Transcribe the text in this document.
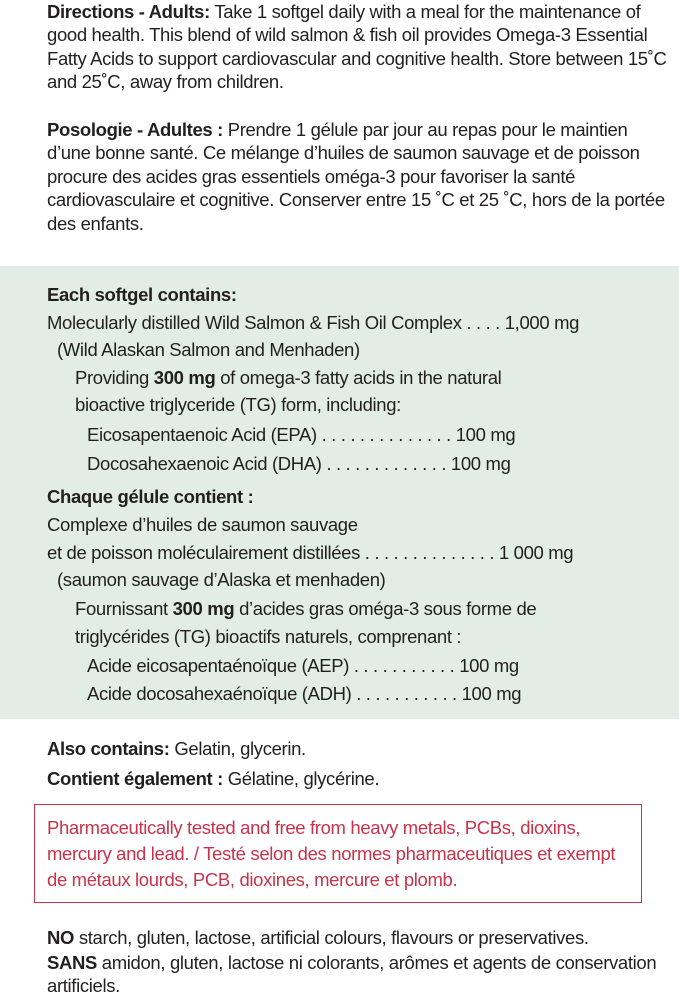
Directions - Adults: Take 1 softgel daily with a meal for the maintenance of good health. This blend of wild salmon & fish oil provides Omega-3 Essential Fatty Acids to support cardiovascular and cognitive health. Store between 15˚C and 25˚C, away from children.
Posologie - Adultes : Prendre 1 gélule par jour au repas pour le maintien d’une bonne santé. Ce mélange d’huiles de saumon sauvage et de poisson procure des acides gras essentiels oméga-3 pour favoriser la santé cardiovasculaire et cognitive. Conserver entre 15 ˚C et 25 ˚C, hors de la portée des enfants.
Each softgel contains:
Molecularly distilled Wild Salmon & Fish Oil Complex . . . . 1,000 mg
(Wild Alaskan Salmon and Menhaden)
Providing 300 mg of omega-3 fatty acids in the natural
bioactive triglyceride (TG) form, including:
Eicosapentaenoic Acid (EPA) . . . . . . . . . . . . . . 100 mg
Docosahexaenoic Acid (DHA) . . . . . . . . . . . . . 100 mg
Chaque gélule contient :
Complexe d’huiles de saumon sauvage
et de poisson moléculairement distillées . . . . . . . . . . . . . . 1 000 mg
(saumon sauvage d’Alaska et menhaden)
Fournissant 300 mg d’acides gras oméga-3 sous forme de
triglycérides (TG) bioactifs naturels, comprenant :
Acide eicosapentaénoïque (AEP) . . . . . . . . . . . 100 mg
Acide docosahexaénoïque (ADH) . . . . . . . . . . . 100 mg
Also contains: Gelatin, glycerin.
Contient également : Gélatine, glycérine.
Pharmaceutically tested and free from heavy metals, PCBs, dioxins, mercury and lead. / Testé selon des normes pharmaceutiques et exempt de métaux lourds, PCB, dioxines, mercure et plomb.
NO starch, gluten, lactose, artificial colours, flavours or preservatives.
SANS amidon, gluten, lactose ni colorants, arômes et agents de conservation artificiels.
